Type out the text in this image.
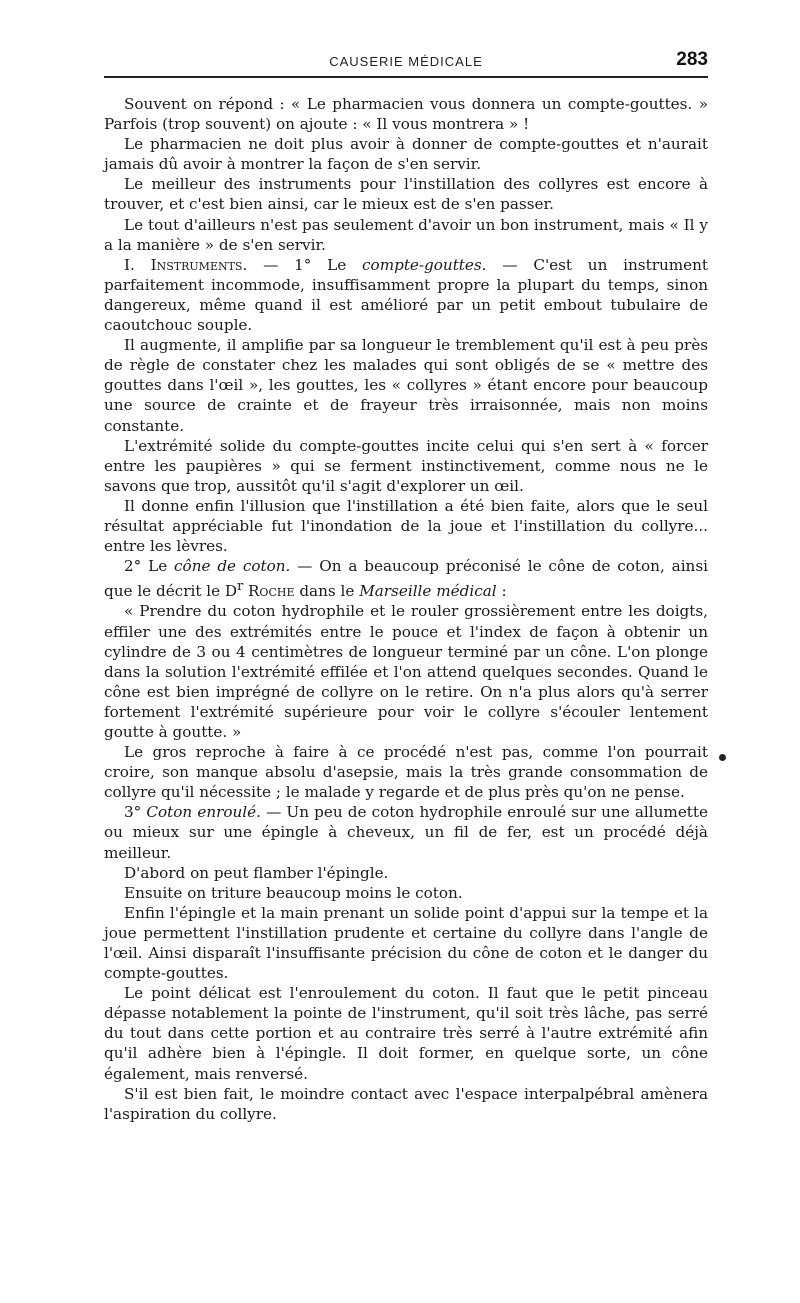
CAUSERIE MÉDICALE	283

Souvent on répond : « Le pharmacien vous donnera un compte-gouttes. » Parfois (trop souvent) on ajoute : « Il vous montrera » !

Le pharmacien ne doit plus avoir à donner de compte-gouttes et n'aurait jamais dû avoir à montrer la façon de s'en servir.

Le meilleur des instruments pour l'instillation des collyres est encore à trouver, et c'est bien ainsi, car le mieux est de s'en passer.

Le tout d'ailleurs n'est pas seulement d'avoir un bon instrument, mais « Il y a la manière » de s'en servir.

I. Instruments. — 1° Le compte-gouttes. — C'est un instrument parfaitement incommode, insuffisamment propre la plupart du temps, sinon dangereux, même quand il est amélioré par un petit embout tubulaire de caoutchouc souple.

Il augmente, il amplifie par sa longueur le tremblement qu'il est à peu près de règle de constater chez les malades qui sont obligés de se « mettre des gouttes dans l'œil », les gouttes, les « collyres » étant encore pour beaucoup une source de crainte et de frayeur très irraisonnée, mais non moins constante.

L'extrémité solide du compte-gouttes incite celui qui s'en sert à « forcer entre les paupières » qui se ferment instinctivement, comme nous ne le savons que trop, aussitôt qu'il s'agit d'explorer un œil.

Il donne enfin l'illusion que l'instillation a été bien faite, alors que le seul résultat appréciable fut l'inondation de la joue et l'instillation du collyre... entre les lèvres.

2° Le cône de coton. — On a beaucoup préconisé le cône de coton, ainsi que le décrit le $D^r$ Roche dans le Marseille médical :

« Prendre du coton hydrophile et le rouler grossièrement entre les doigts, effiler une des extrémités entre le pouce et l'index de façon à obtenir un cylindre de 3 ou 4 centimètres de longueur terminé par un cône. L'on plonge dans la solution l'extrémité effilée et l'on attend quelques secondes. Quand le cône est bien imprégné de collyre on le retire. On n'a plus alors qu'à serrer fortement l'extrémité supérieure pour voir le collyre s'écouler lentement goutte à goutte. »

Le gros reproche à faire à ce procédé n'est pas, comme l'on pourrait croire, son manque absolu d'asepsie, mais la très grande consommation de collyre qu'il nécessite ; le malade y regarde et de plus près qu'on ne pense.

3° Coton enroulé. — Un peu de coton hydrophile enroulé sur une allumette ou mieux sur une épingle à cheveux, un fil de fer, est un procédé déjà meilleur.

D'abord on peut flamber l'épingle.

Ensuite on triture beaucoup moins le coton.

Enfin l'épingle et la main prenant un solide point d'appui sur la tempe et la joue permettent l'instillation prudente et certaine du collyre dans l'angle de l'œil. Ainsi disparaît l'insuffisante précision du cône de coton et le danger du compte-gouttes.

Le point délicat est l'enroulement du coton. Il faut que le petit pinceau dépasse notablement la pointe de l'instrument, qu'il soit très lâche, pas serré du tout dans cette portion et au contraire très serré à l'autre extrémité afin qu'il adhère bien à l'épingle. Il doit former, en quelque sorte, un cône également, mais renversé.

S'il est bien fait, le moindre contact avec l'espace interpalpébral amènera l'aspiration du collyre.
